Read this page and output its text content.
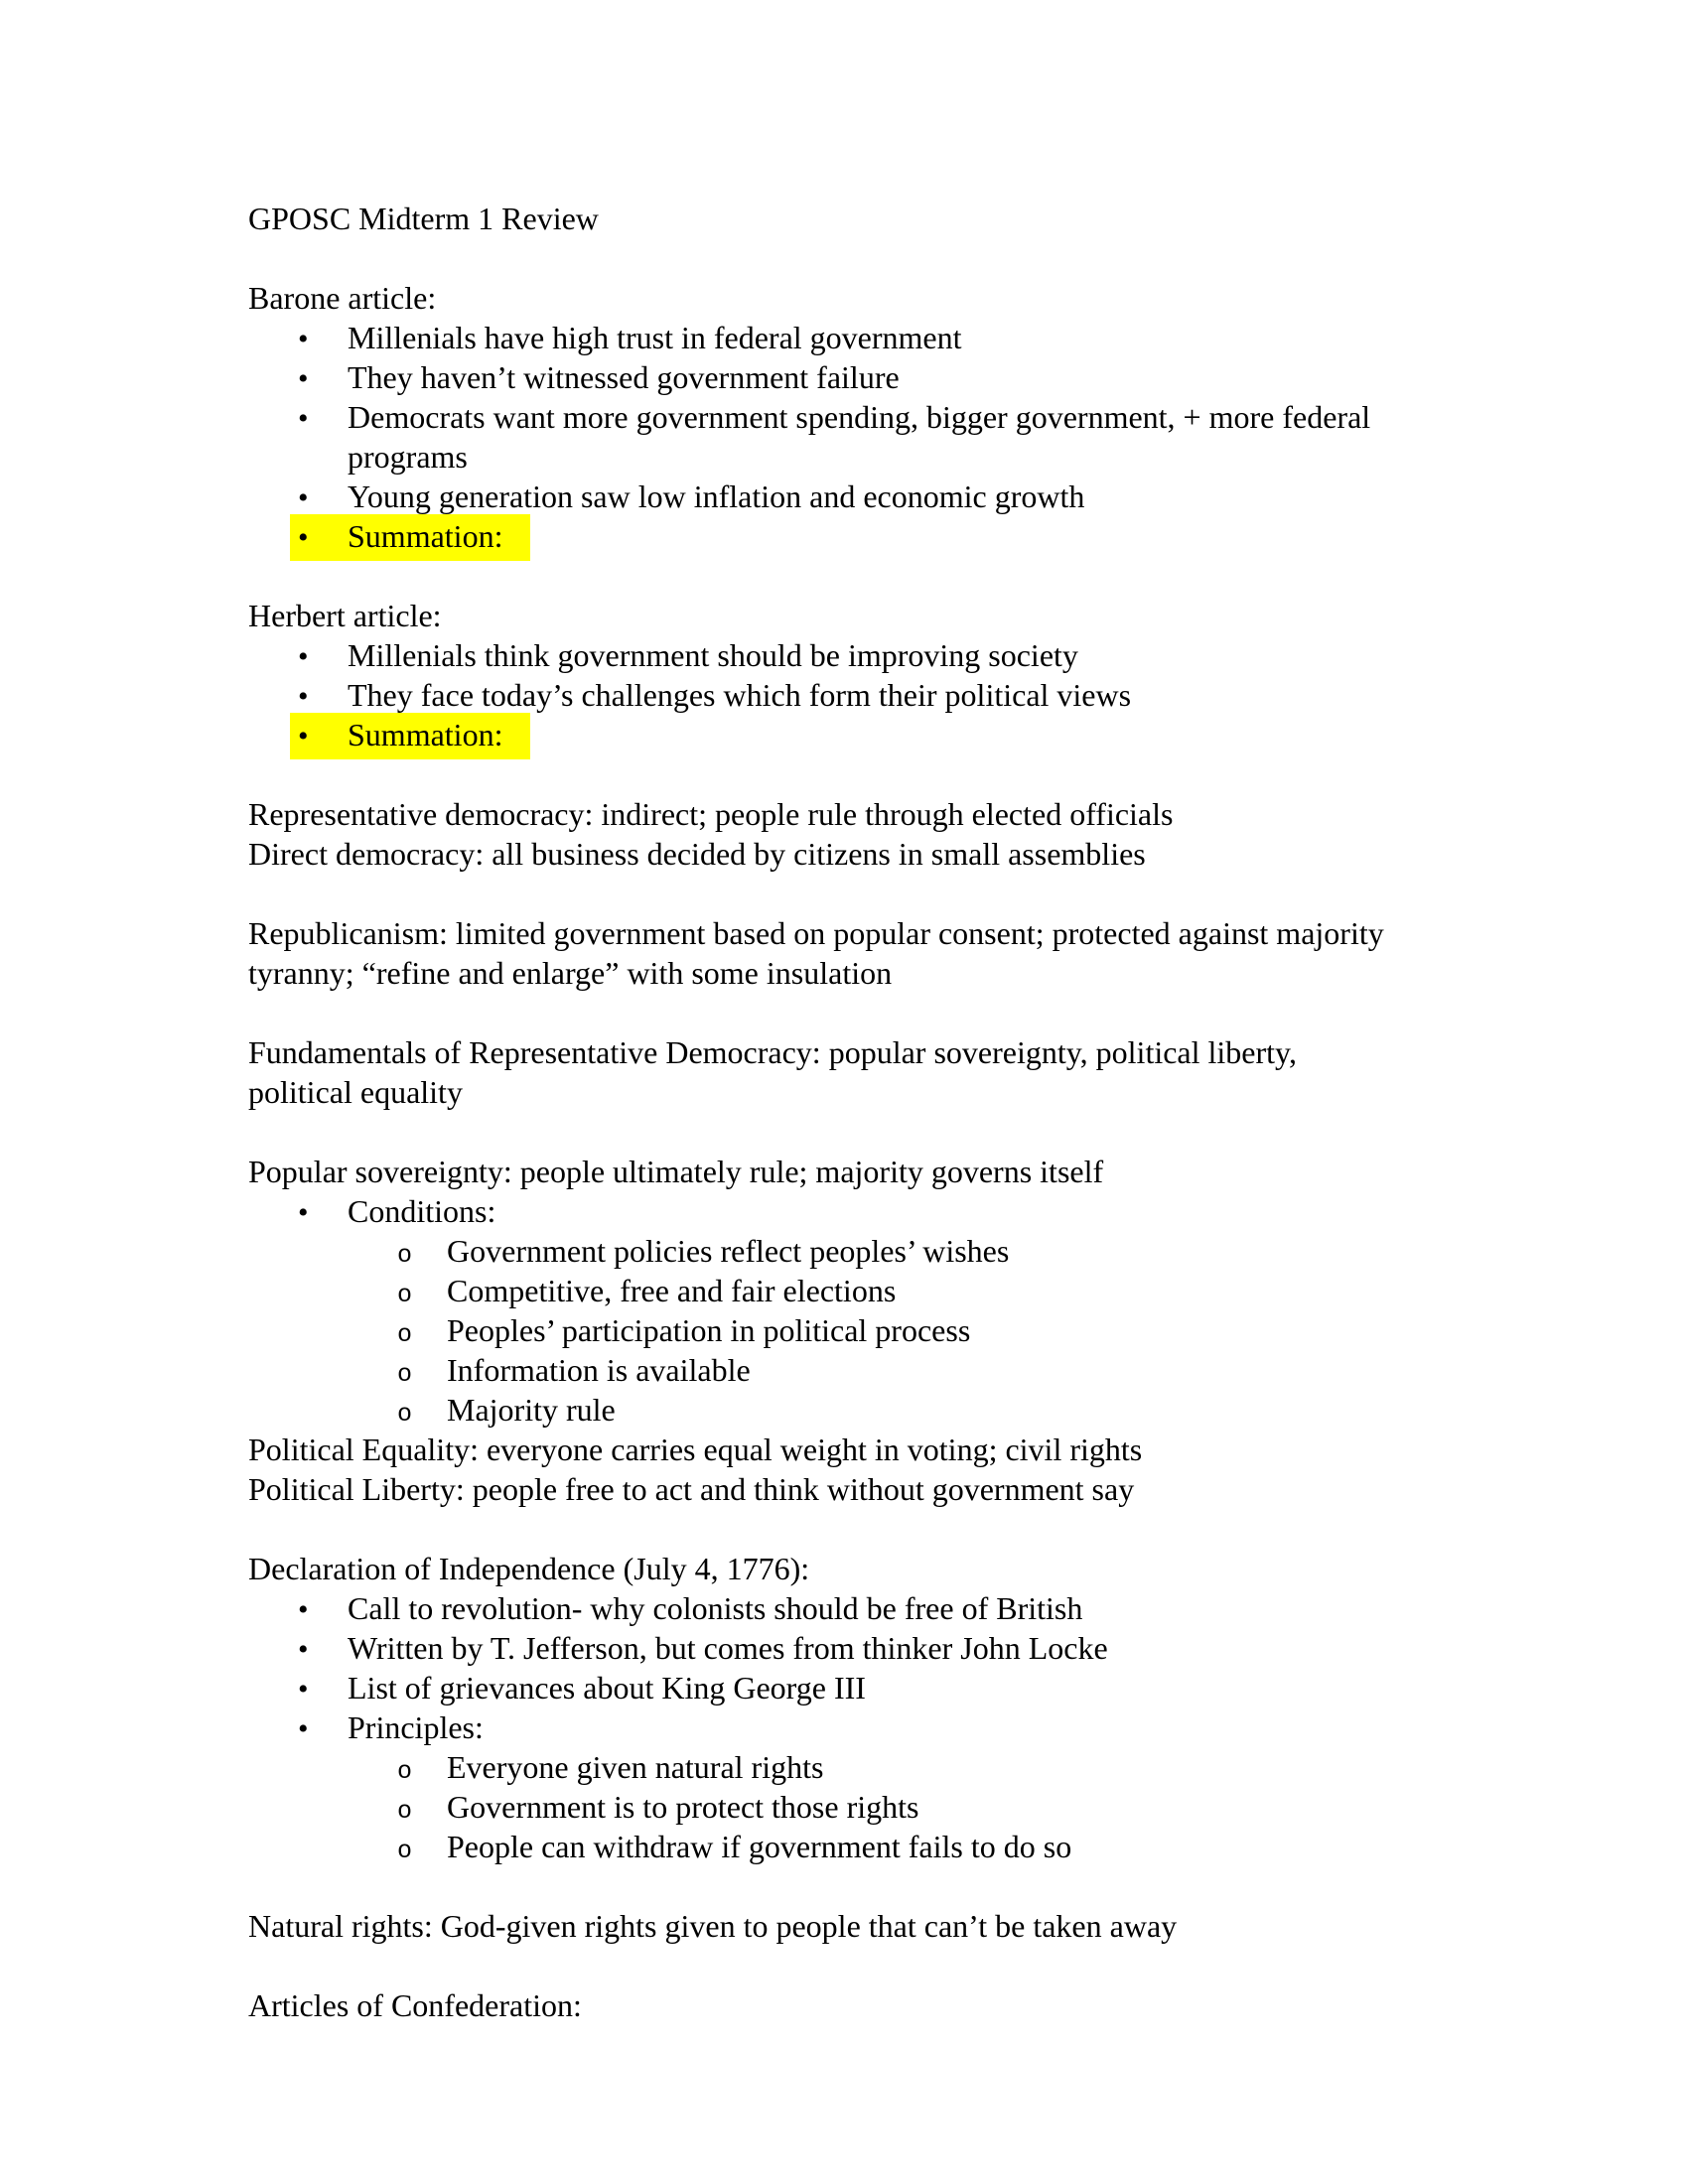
GPOSC Midterm 1 Review

Barone article:
• Millenials have high trust in federal government
• They haven’t witnessed government failure
• Democrats want more government spending, bigger government, + more federal
programs
• Young generation saw low inflation and economic growth
• Summation:

Herbert article:
• Millenials think government should be improving society
• They face today’s challenges which form their political views
• Summation:

Representative democracy: indirect; people rule through elected officials
Direct democracy: all business decided by citizens in small assemblies

Republicanism: limited government based on popular consent; protected against majority
tyranny; “refine and enlarge” with some insulation

Fundamentals of Representative Democracy: popular sovereignty, political liberty,
political equality

Popular sovereignty: people ultimately rule; majority governs itself
• Conditions:
o Government policies reflect peoples’ wishes
o Competitive, free and fair elections
o Peoples’ participation in political process
o Information is available
o Majority rule
Political Equality: everyone carries equal weight in voting; civil rights
Political Liberty: people free to act and think without government say

Declaration of Independence (July 4, 1776):
• Call to revolution- why colonists should be free of British
• Written by T. Jefferson, but comes from thinker John Locke
• List of grievances about King George III
• Principles:
o Everyone given natural rights
o Government is to protect those rights
o People can withdraw if government fails to do so

Natural rights: God-given rights given to people that can’t be taken away

Articles of Confederation:
